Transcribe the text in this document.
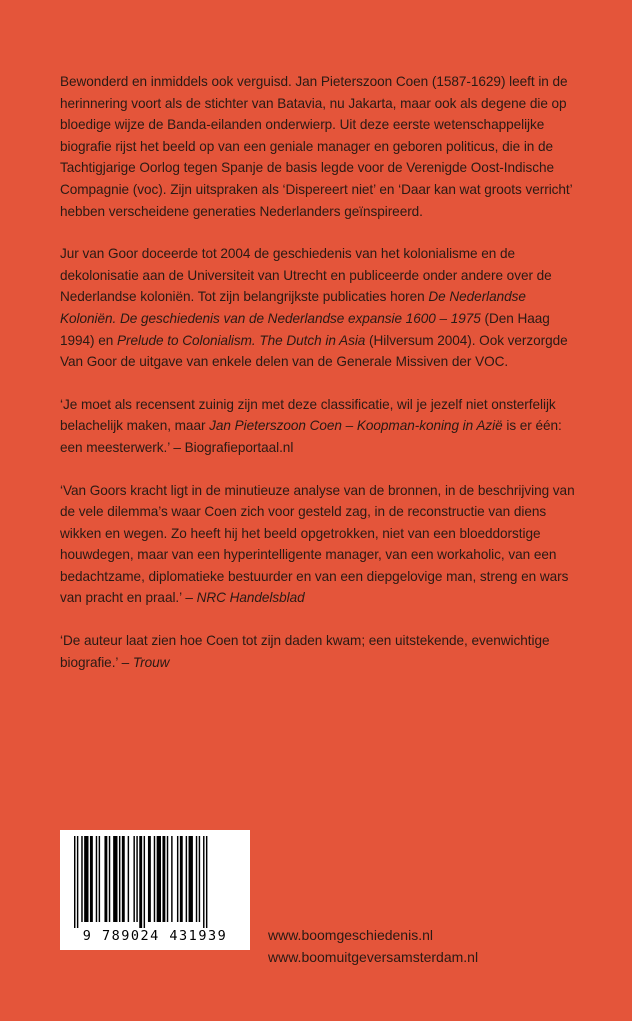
Bewonderd en inmiddels ook verguisd. Jan Pieterszoon Coen (1587-1629) leeft in de herinnering voort als de stichter van Batavia, nu Jakarta, maar ook als degene die op bloedige wijze de Banda-eilanden onderwierp. Uit deze eerste wetenschappelijke biografie rijst het beeld op van een geniale manager en geboren politicus, die in de Tachtigjarige Oorlog tegen Spanje de basis legde voor de Verenigde Oost-Indische Compagnie (voc). Zijn uitspraken als ‘Dispereert niet’ en ‘Daar kan wat groots verricht’ hebben verscheidene generaties Nederlanders geïnspireerd.

Jur van Goor doceerde tot 2004 de geschiedenis van het kolonialisme en de dekolonisatie aan de Universiteit van Utrecht en publiceerde onder andere over de Nederlandse koloniën. Tot zijn belangrijkste publicaties horen De Nederlandse Koloniën. De geschiedenis van de Nederlandse expansie 1600 – 1975 (Den Haag 1994) en Prelude to Colonialism. The Dutch in Asia (Hilversum 2004). Ook verzorgde Van Goor de uitgave van enkele delen van de Generale Missiven der VOC.

‘Je moet als recensent zuinig zijn met deze classificatie, wil je jezelf niet onsterfelijk belachelijk maken, maar Jan Pieterszoon Coen – Koopman-koning in Azië is er één: een meesterwerk.’ – Biografieportaal.nl

‘Van Goors kracht ligt in de minutieuze analyse van de bronnen, in de beschrijving van de vele dilemma’s waar Coen zich voor gesteld zag, in de reconstructie van diens wikken en wegen. Zo heeft hij het beeld opgetrokken, niet van een bloeddorstige houwdegen, maar van een hyperintelligente manager, van een workaholic, van een bedachtzame, diplomatieke bestuurder en van een diepgelovige man, streng en wars van pracht en praal.’ – NRC Handelsblad

‘De auteur laat zien hoe Coen tot zijn daden kwam; een uitstekende, evenwichtige biografie.’ – Trouw

9 789024 431939	www.boomgeschiedenis.nl
www.boomuitgeversamsterdam.nl
